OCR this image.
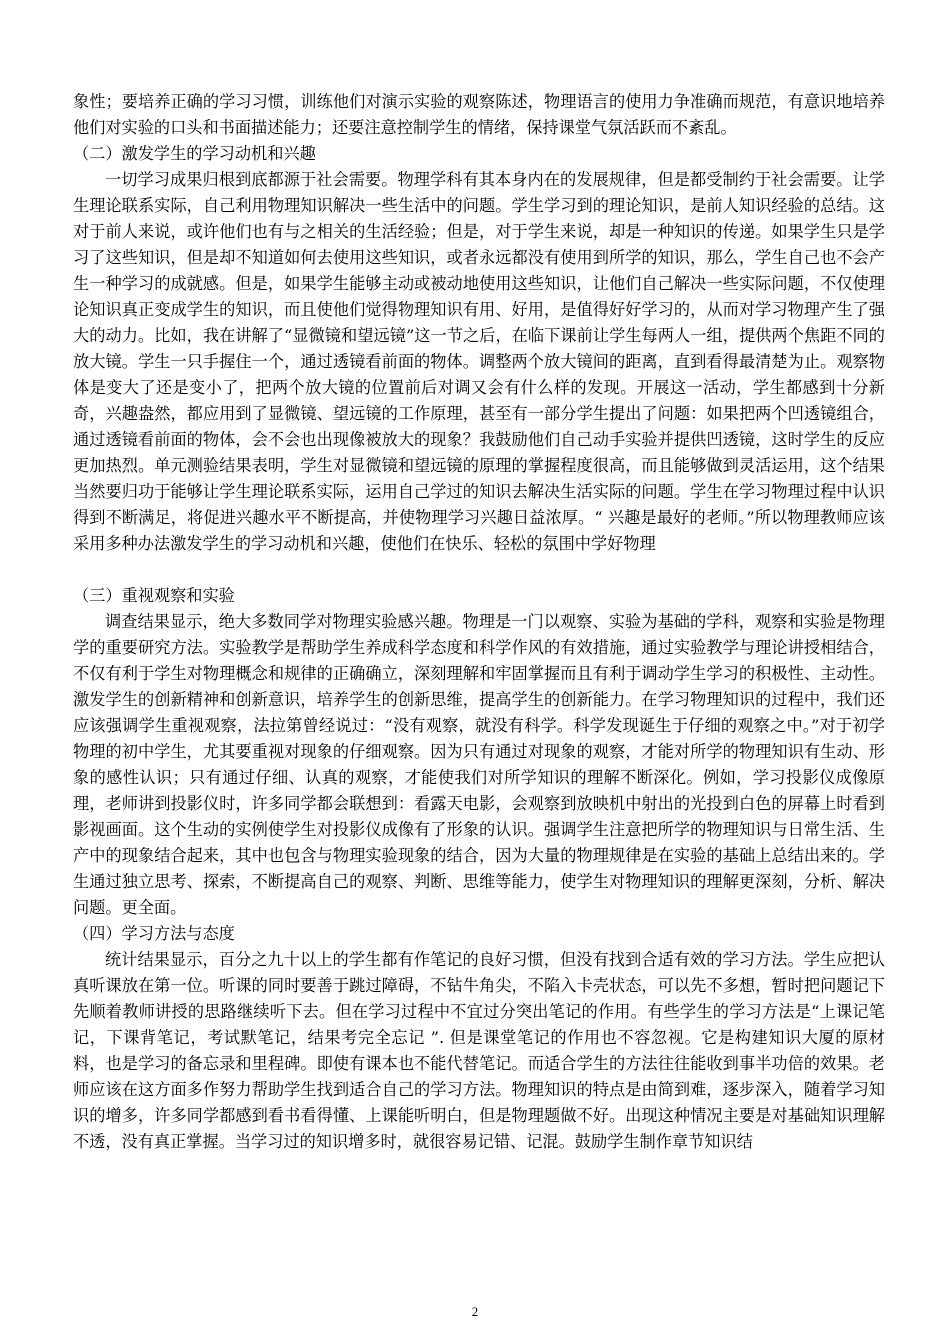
象性；要培养正确的学习习惯，训练他们对演示实验的观察陈述，物理语言的使用力争准确而规范，有意识地培养他们对实验的口头和书面描述能力；还要注意控制学生的情绪，保持课堂气氛活跃而不紊乱。

（二）激发学生的学习动机和兴趣

一切学习成果归根到底都源于社会需要。物理学科有其本身内在的发展规律，但是都受制约于社会需要。让学生理论联系实际，自己利用物理知识解决一些生活中的问题。学生学习到的理论知识，是前人知识经验的总结。这对于前人来说，或许他们也有与之相关的生活经验；但是，对于学生来说，却是一种知识的传递。如果学生只是学习了这些知识，但是却不知道如何去使用这些知识，或者永远都没有使用到所学的知识，那么，学生自己也不会产生一种学习的成就感。但是，如果学生能够主动或被动地使用这些知识，让他们自己解决一些实际问题，不仅使理论知识真正变成学生的知识，而且使他们觉得物理知识有用、好用，是值得好好学习的，从而对学习物理产生了强大的动力。比如，我在讲解了“显微镜和望远镜”这一节之后，在临下课前让学生每两人一组，提供两个焦距不同的放大镜。学生一只手握住一个，通过透镜看前面的物体。调整两个放大镜间的距离，直到看得最清楚为止。观察物体是变大了还是变小了，把两个放大镜的位置前后对调又会有什么样的发现。开展这一活动，学生都感到十分新奇，兴趣盎然，都应用到了显微镜、望远镜的工作原理，甚至有一部分学生提出了问题：如果把两个凹透镜组合，通过透镜看前面的物体，会不会也出现像被放大的现象？我鼓励他们自己动手实验并提供凹透镜，这时学生的反应更加热烈。单元测验结果表明，学生对显微镜和望远镜的原理的掌握程度很高，而且能够做到灵活运用，这个结果当然要归功于能够让学生理论联系实际，运用自己学过的知识去解决生活实际的问题。学生在学习物理过程中认识得到不断满足，将促进兴趣水平不断提高，并使物理学习兴趣日益浓厚。“ 兴趣是最好的老师。”所以物理教师应该采用多种办法激发学生的学习动机和兴趣，使他们在快乐、轻松的氛围中学好物理

（三）重视观察和实验

调查结果显示，绝大多数同学对物理实验感兴趣。物理是一门以观察、实验为基础的学科，观察和实验是物理学的重要研究方法。实验教学是帮助学生养成科学态度和科学作风的有效措施，通过实验教学与理论讲授相结合，不仅有利于学生对物理概念和规律的正确确立，深刻理解和牢固掌握而且有利于调动学生学习的积极性、主动性。激发学生的创新精神和创新意识，培养学生的创新思维，提高学生的创新能力。在学习物理知识的过程中，我们还应该强调学生重视观察，法拉第曾经说过：“没有观察，就没有科学。科学发现诞生于仔细的观察之中。”对于初学物理的初中学生，尤其要重视对现象的仔细观察。因为只有通过对现象的观察，才能对所学的物理知识有生动、形象的感性认识；只有通过仔细、认真的观察，才能使我们对所学知识的理解不断深化。例如，学习投影仪成像原理，老师讲到投影仪时，许多同学都会联想到：看露天电影，会观察到放映机中射出的光投到白色的屏幕上时看到影视画面。这个生动的实例使学生对投影仪成像有了形象的认识。强调学生注意把所学的物理知识与日常生活、生产中的现象结合起来，其中也包含与物理实验现象的结合，因为大量的物理规律是在实验的基础上总结出来的。学生通过独立思考、探索，不断提高自己的观察、判断、思维等能力，使学生对物理知识的理解更深刻，分析、解决问题。更全面。

（四）学习方法与态度

统计结果显示，百分之九十以上的学生都有作笔记的良好习惯，但没有找到合适有效的学习方法。学生应把认真听课放在第一位。听课的同时要善于跳过障碍，不钻牛角尖，不陷入卡壳状态，可以先不多想，暂时把问题记下先顺着教师讲授的思路继续听下去。但在学习过程中不宜过分突出笔记的作用。有些学生的学习方法是“上课记笔记，下课背笔记，考试默笔记，结果考完全忘记 ”. 但是课堂笔记的作用也不容忽视。它是构建知识大厦的原材料，也是学习的备忘录和里程碑。即使有课本也不能代替笔记。而适合学生的方法往往能收到事半功倍的效果。老师应该在这方面多作努力帮助学生找到适合自己的学习方法。物理知识的特点是由简到难，逐步深入，随着学习知识的增多，许多同学都感到看书看得懂、上课能听明白，但是物理题做不好。出现这种情况主要是对基础知识理解不透，没有真正掌握。当学习过的知识增多时，就很容易记错、记混。鼓励学生制作章节知识结

2
